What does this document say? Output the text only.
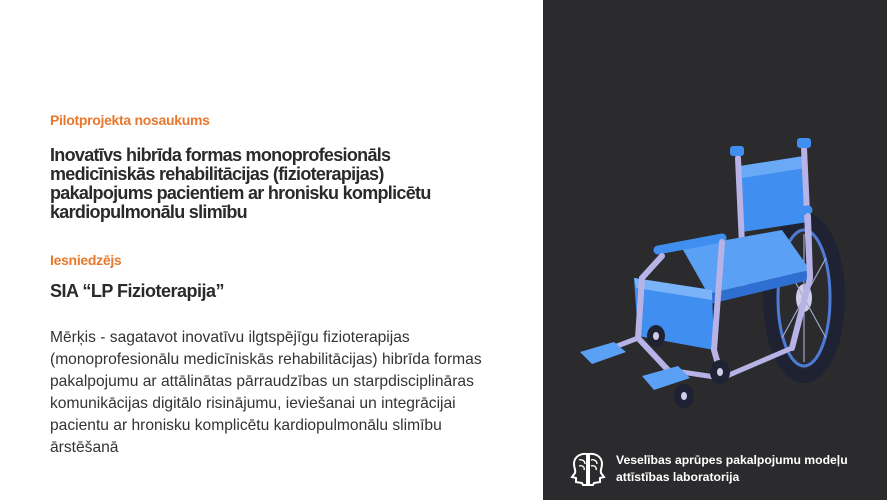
Pilotprojekta nosaukums
Inovatīvs hibrīda formas monoprofesionāls medicīniskās rehabilitācijas (fizioterapijas) pakalpojums pacientiem ar hronisku komplicētu kardiopulmonālu slimību
Iesniedzējs
SIA “LP Fizioterapija”
Mērķis - sagatavot inovatīvu ilgtspējīgu fizioterapijas (monoprofesionālu medicīniskās rehabilitācijas) hibrīda formas pakalpojumu ar attālinātas pārraudzības un starpdisciplināras komunikācijas digitālo risinājumu, ieviešanai un integrācijai pacientu ar hronisku komplicētu kardiopulmonālu slimību ārstēšanā
Veselības aprūpes pakalpojumu modeļu
attīstības laboratorija
